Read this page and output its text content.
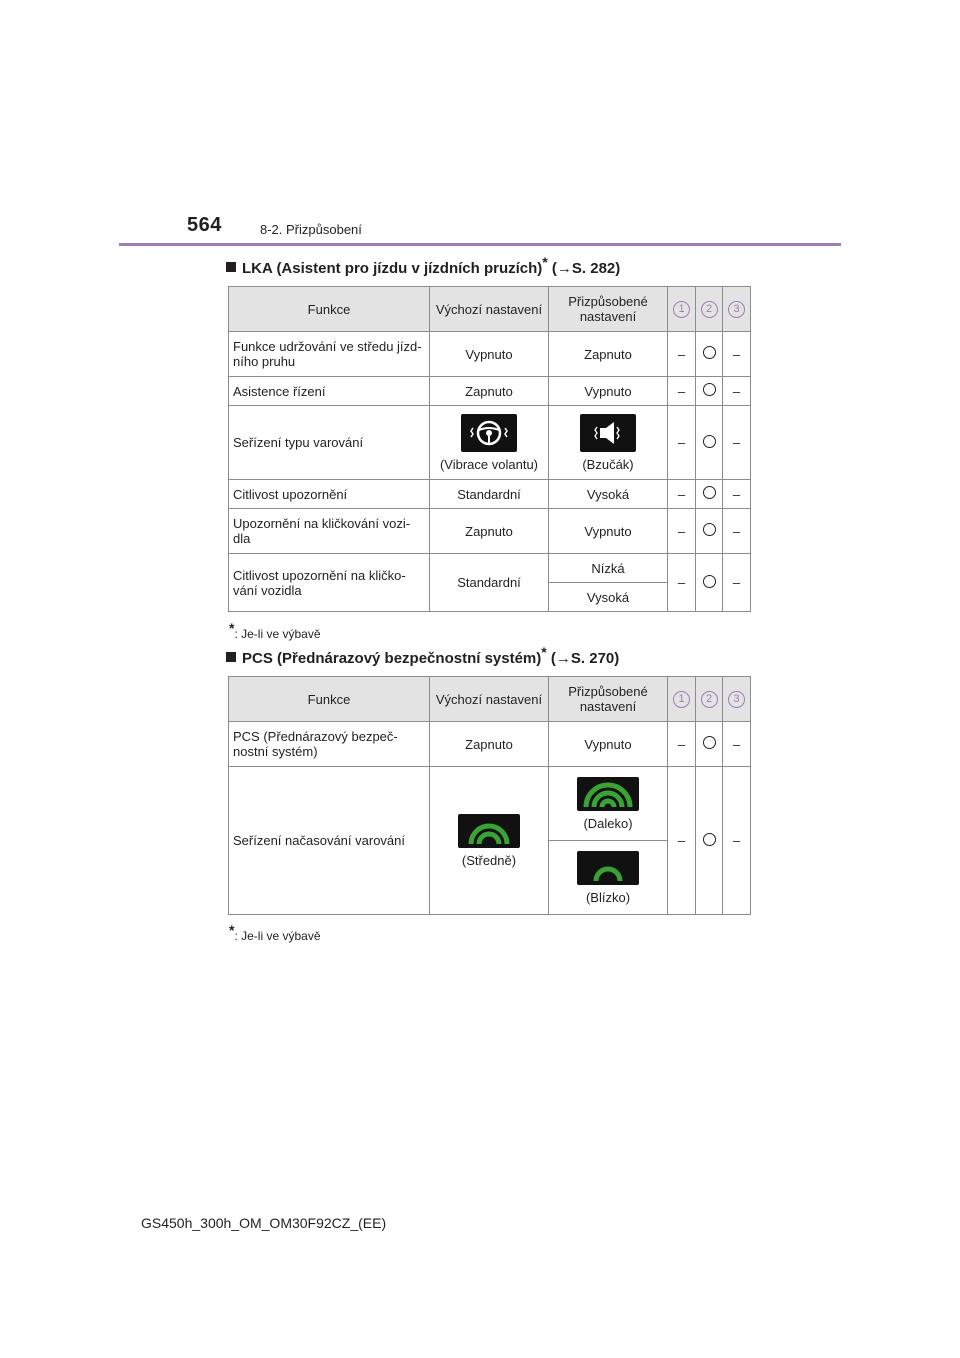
564	8-2. Přizpůsobení
LKA (Asistent pro jízdu v jízdních pruzích)* (→S. 282)
Funkce	Výchozí nastavení	Přizpůsobené nastavení	1	2	3
Funkce udržování ve středu jízd-
ního pruhu	Vypnuto	Zapnuto	–		–
Asistence řízení	Zapnuto	Vypnuto	–		–
Seřízení typu varování	(Vibrace volantu)	(Bzučák)	–		–
Citlivost upozornění	Standardní	Vysoká	–		–
Upozornění na kličkování vozi-
dla	Zapnuto	Vypnuto	–		–
Citlivost upozornění na kličko-
vání vozidla	Standardní	Nízká	–		–
		Vysoká			
*: Je-li ve výbavě
PCS (Přednárazový bezpečnostní systém)* (→S. 270)
Funkce	Výchozí nastavení	Přizpůsobené nastavení	1	2	3
PCS (Přednárazový bezpeč-
nostní systém)	Zapnuto	Vypnuto	–		–
Seřízení načasování varování	(Středně)	(Daleko)	–		–

		(Blízko)			
*: Je-li ve výbavě
GS450h_300h_OM_OM30F92CZ_(EE)
